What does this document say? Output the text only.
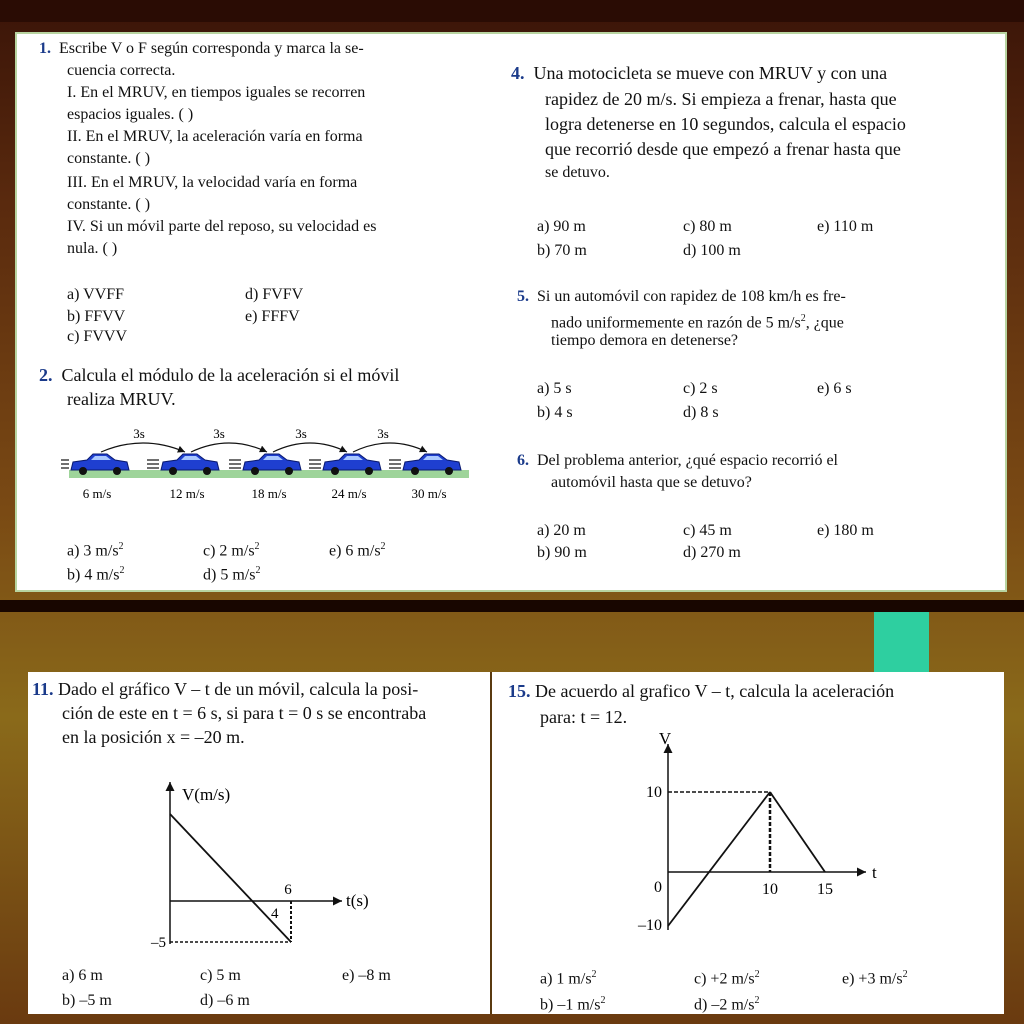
1. Escribe V o F según corresponda y marca la se-
cuencia correcta.
I. En el MRUV, en tiempos iguales se recorren
espacios iguales. ( )
II. En el MRUV, la aceleración varía en forma
constante. ( )
III. En el MRUV, la velocidad varía en forma
constante. ( )
IV. Si un móvil parte del reposo, su velocidad es
nula. ( )
a) VVFF
b) FFVV
c) FVVV
d) FVFV
e) FFFV
2. Calcula el módulo de la aceleración si el móvil
realiza MRUV.
3s	3s	3s	3s
6 m/s	12 m/s	18 m/s	24 m/s	30 m/s
a) 3 $m/s^2$
b) 4 $m/s^2$
c) 2 $m/s^2$
d) 5 $m/s^2$
e) 6 $m/s^2$
4. Una motocicleta se mueve con MRUV y con una
rapidez de 20 m/s. Si empieza a frenar, hasta que
logra detenerse en 10 segundos, calcula el espacio
que recorrió desde que empezó a frenar hasta que
se detuvo.
a) 90 m
b) 70 m
c) 80 m
d) 100 m
e) 110 m
5. Si un automóvil con rapidez de 108 km/h es fre-
nado uniformemente en razón de 5 $m/s^2$, ¿que
tiempo demora en detenerse?
a) 5 s
b) 4 s
c) 2 s
d) 8 s
e) 6 s
6. Del problema anterior, ¿qué espacio recorrió el
automóvil hasta que se detuvo?
a) 20 m
b) 90 m
c) 45 m
d) 270 m
e) 180 m
11. Dado el gráfico V – t de un móvil, calcula la posi-
ción de este en t = 6 s, si para t = 0 s se encontraba
en la posición x = –20 m.
V(m/s)
t(s)
4
6
–5
a) 6 m
b) –5 m
c) 5 m
d) –6 m
e) –8 m
15. De acuerdo al grafico V – t, calcula la aceleración
para: t = 12.
V
t
10
0
–10
10 15
a) 1 $m/s^2$
b) –1 $m/s^2$
c) +2 $m/s^2$
d) –2 $m/s^2$
e) +3 $m/s^2$
